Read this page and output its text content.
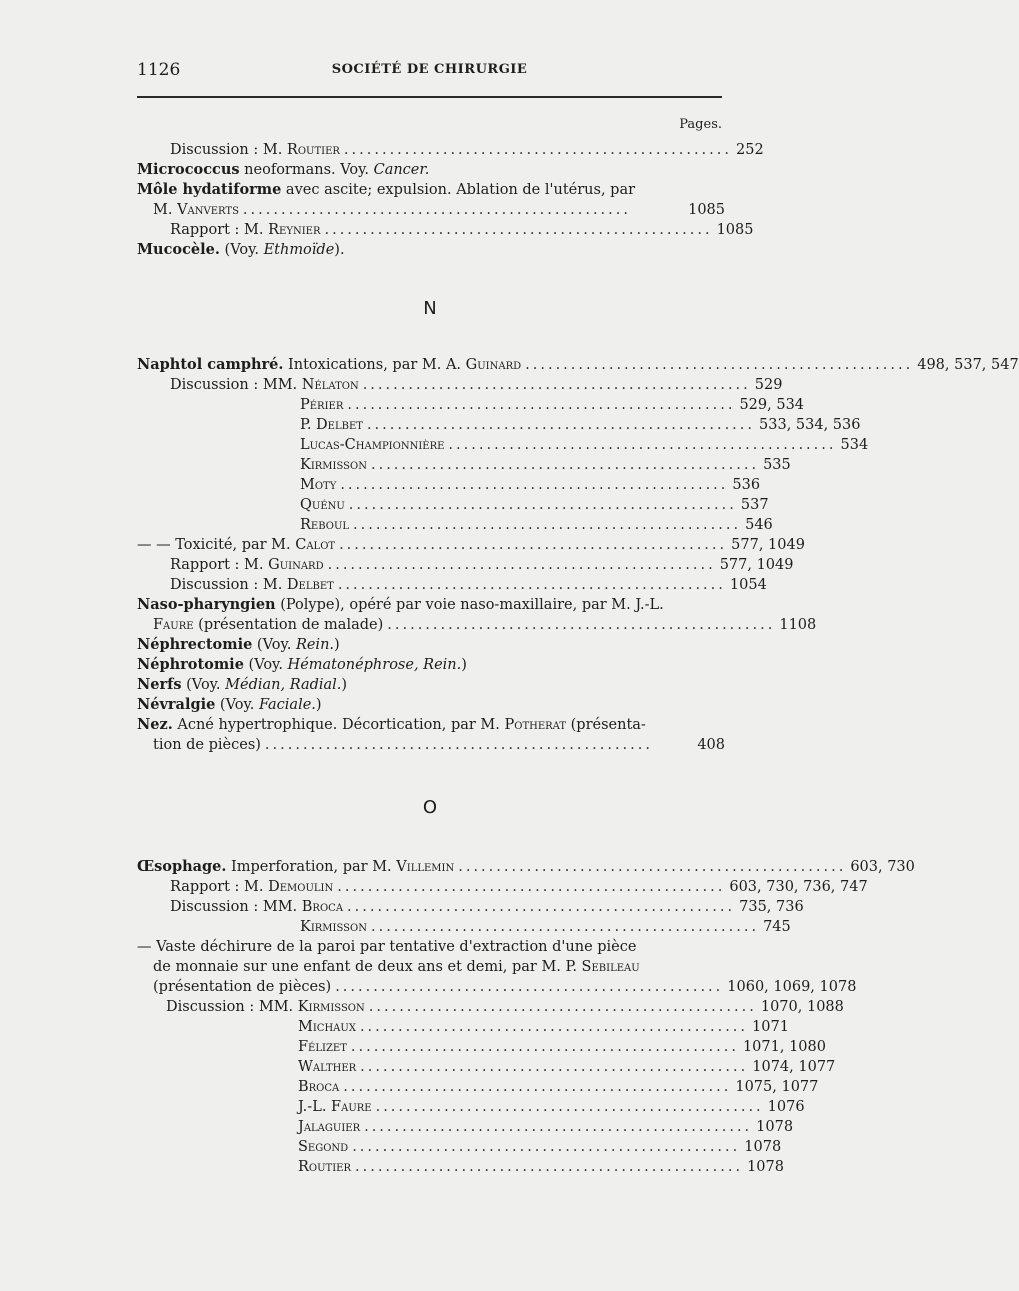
1126	SOCIÉTÉ DE CHIRURGIE
Pages.
Discussion : M. Routier ................................................... 252
Micrococcus neoformans. Voy. Cancer.
Môle hydatiforme avec ascite; expulsion. Ablation de l'utérus, par
M. Vanverts ...................................................	1085
Rapport : M. Reynier ................................................... 1085
Mucocèle. (Voy. Ethmoïde).
N
Naphtol camphré. Intoxications, par M. A. Guinard ................................................... 498, 537, 547
Discussion : MM. Nélaton ................................................... 529
Périer ................................................... 529, 534
P. Delbet ................................................... 533, 534, 536
Lucas-Championnière ................................................... 534
Kirmisson ................................................... 535
Moty ................................................... 536
Quénu ................................................... 537
Reboul ................................................... 546
— — Toxicité, par M. Calot ................................................... 577, 1049
Rapport : M. Guinard ................................................... 577, 1049
Discussion : M. Delbet ................................................... 1054
Naso-pharyngien (Polype), opéré par voie naso-maxillaire, par M. J.-L.
Faure (présentation de malade) ................................................... 1108
Néphrectomie (Voy. Rein.)
Néphrotomie (Voy. Hématonéphrose, Rein.)
Nerfs (Voy. Médian, Radial.)
Névralgie (Voy. Faciale.)
Nez. Acné hypertrophique. Décortication, par M. Potherat (présenta-
tion de pièces) ...................................................	408
O
Œsophage. Imperforation, par M. Villemin ................................................... 603, 730
Rapport : M. Demoulin ................................................... 603, 730, 736, 747
Discussion : MM. Broca ................................................... 735, 736
Kirmisson ................................................... 745
— Vaste déchirure de la paroi par tentative d'extraction d'une pièce
de monnaie sur une enfant de deux ans et demi, par M. P. Sebileau
(présentation de pièces) ................................................... 1060, 1069, 1078
Discussion : MM. Kirmisson ................................................... 1070, 1088
Michaux ................................................... 1071
Félizet ................................................... 1071, 1080
Walther ................................................... 1074, 1077
Broca ................................................... 1075, 1077
J.-L. Faure ................................................... 1076
Jalaguier ................................................... 1078
Segond ................................................... 1078
Routier ................................................... 1078
